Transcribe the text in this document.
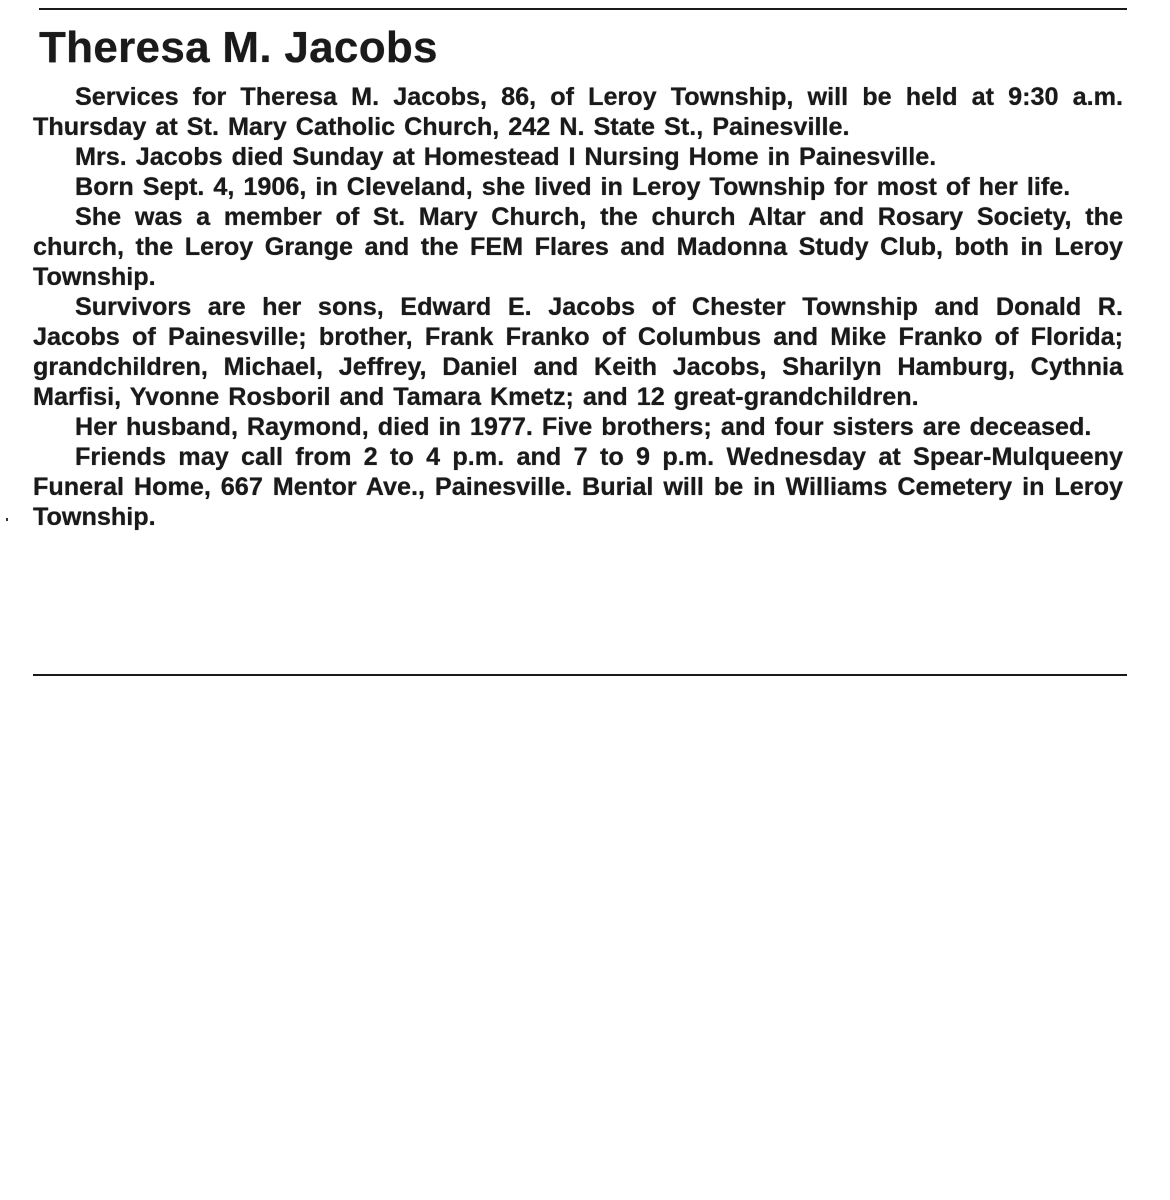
Theresa M. Jacobs

Services for Theresa M. Jacobs, 86, of Leroy Township, will be held at 9:30 a.m. Thursday at St. Mary Catholic Church, 242 N. State St., Painesville.

Mrs. Jacobs died Sunday at Homestead I Nursing Home in Painesville.

Born Sept. 4, 1906, in Cleveland, she lived in Leroy Township for most of her life.

She was a member of St. Mary Church, the church Altar and Rosary Society, the church, the Leroy Grange and the FEM Flares and Madonna Study Club, both in Leroy Township.

Survivors are her sons, Edward E. Jacobs of Chester Township and Donald R. Jacobs of Painesville; brother, Frank Franko of Columbus and Mike Franko of Florida; grandchildren, Michael, Jeffrey, Daniel and Keith Jacobs, Sharilyn Hamburg, Cythnia Marfisi, Yvonne Rosboril and Tamara Kmetz; and 12 great-grandchildren.

Her husband, Raymond, died in 1977. Five brothers; and four sisters are deceased.

Friends may call from 2 to 4 p.m. and 7 to 9 p.m. Wednesday at Spear-Mulqueeny Funeral Home, 667 Mentor Ave., Painesville. Burial will be in Williams Cemetery in Leroy Township.
